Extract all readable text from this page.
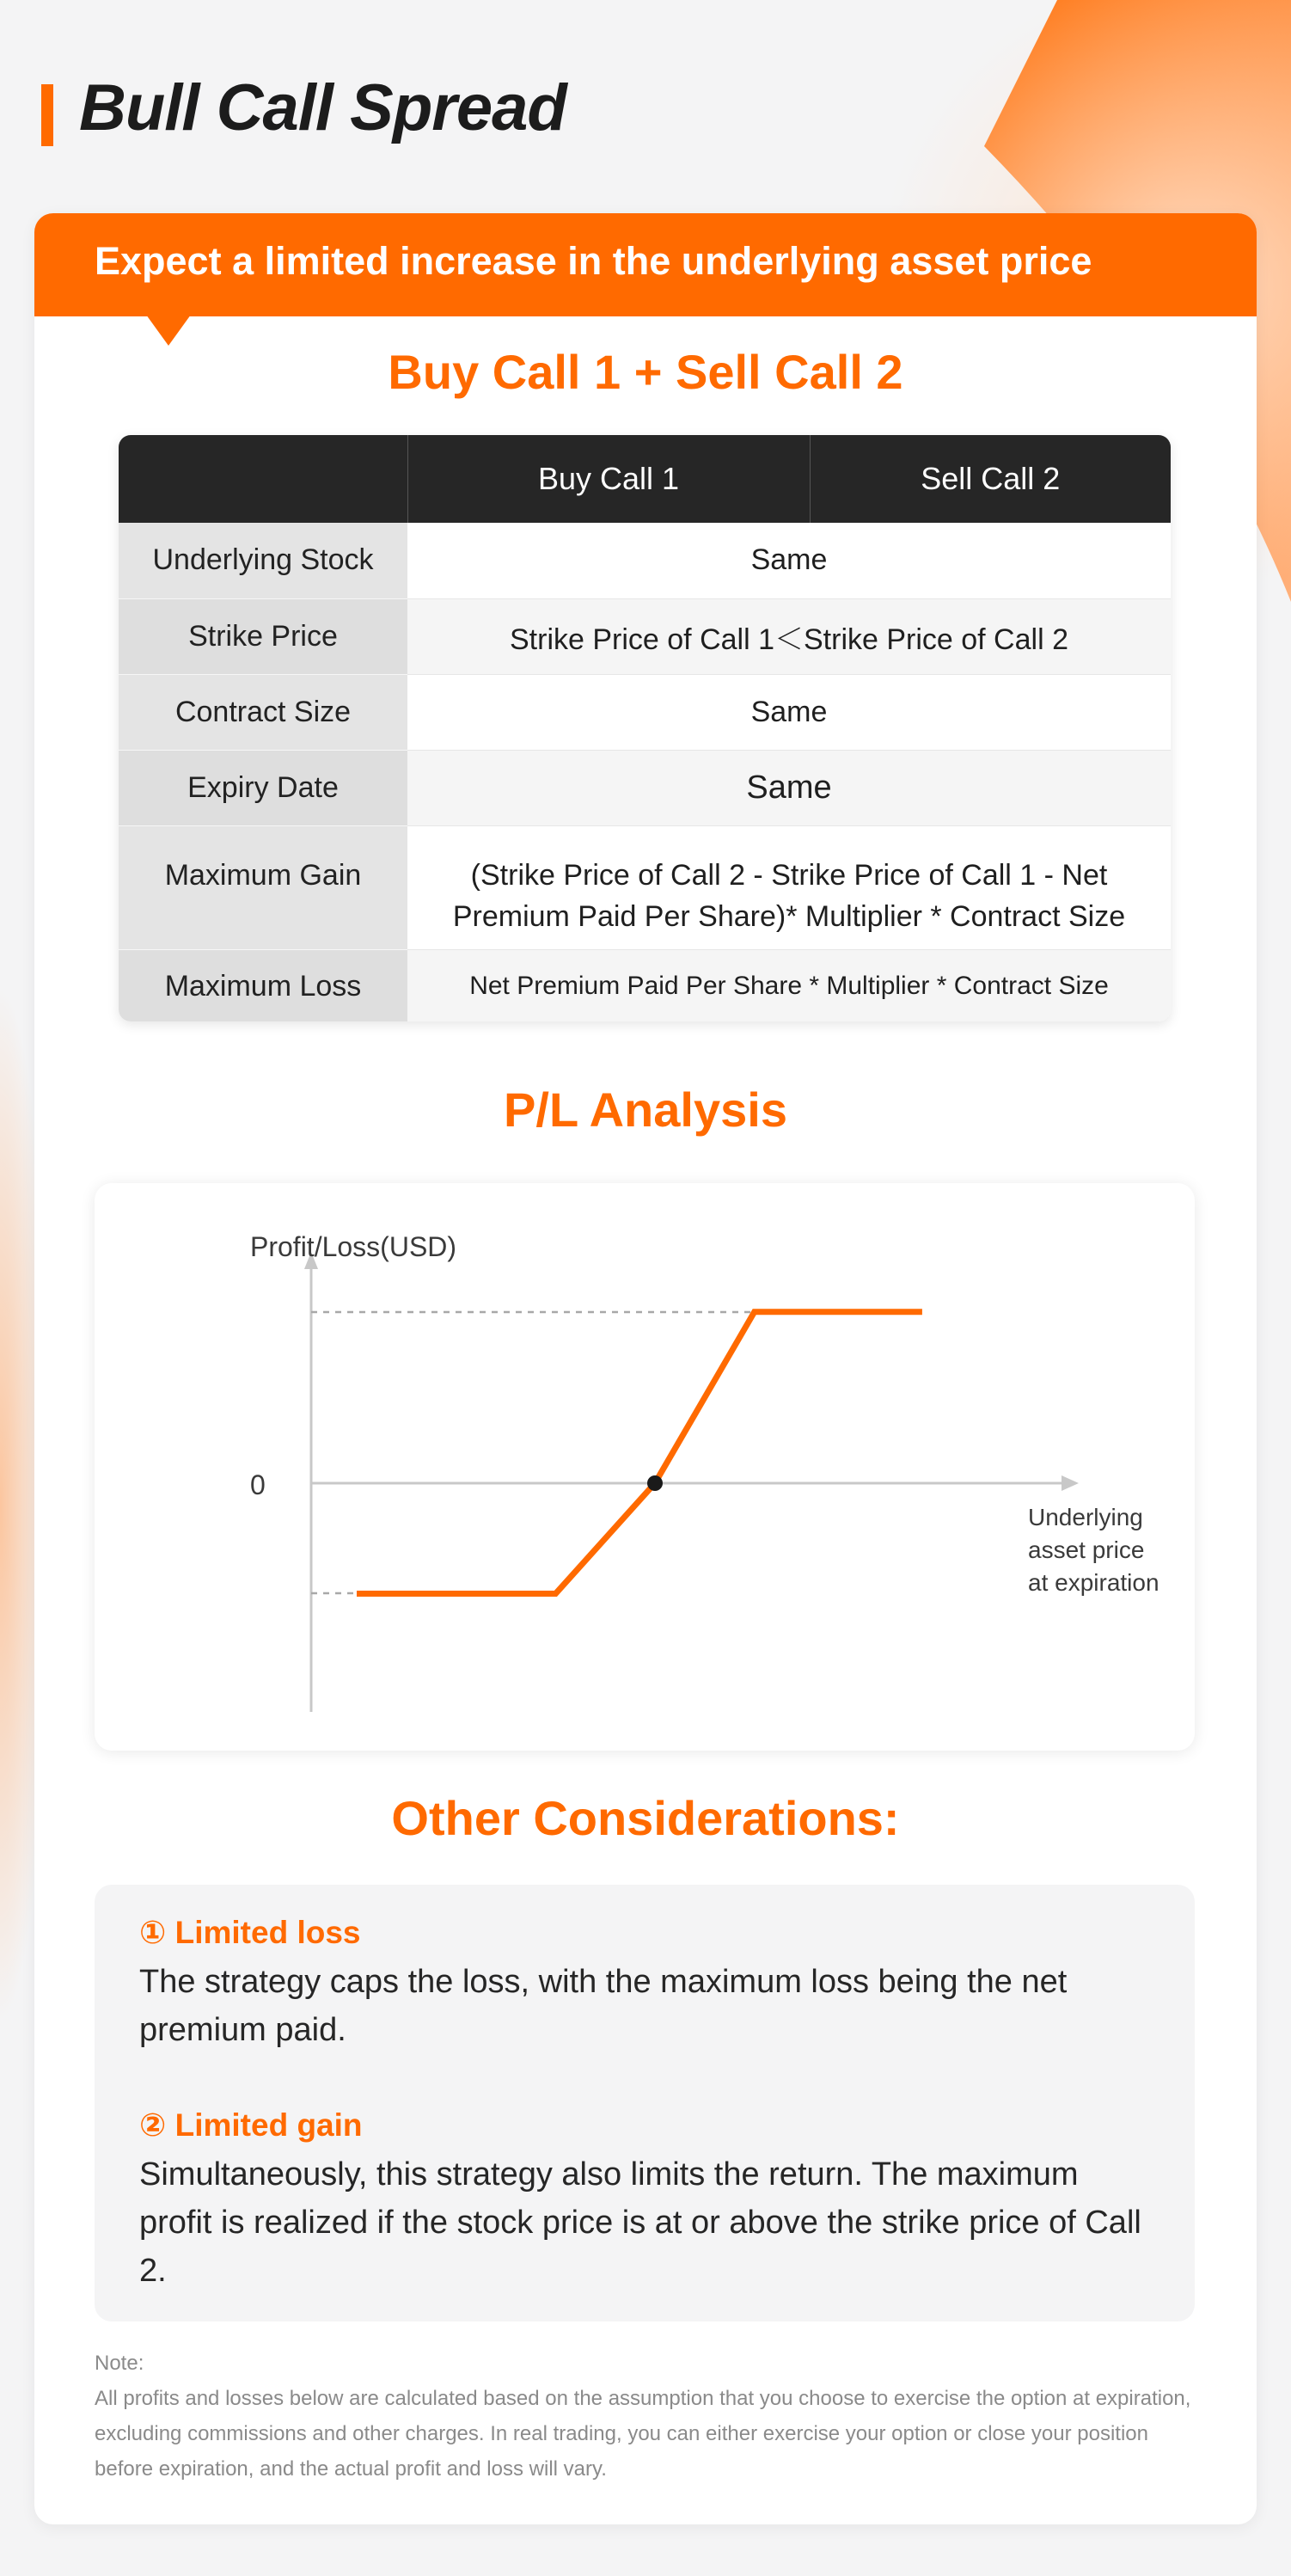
Bull Call Spread
Expect a limited increase in the underlying asset price
Buy Call 1 + Sell Call 2
	Buy Call 1	Sell Call 2
Underlying Stock	Same	
Strike Price	Strike Price of Call 1＜Strike Price of Call 2	
Contract Size	Same	
Expiry Date	Same	
Maximum Gain	(Strike Price of Call 2 - Strike Price of Call 1 - Net Premium Paid Per Share)* Multiplier * Contract Size	
Maximum Loss	Net Premium Paid Per Share * Multiplier * Contract Size	
P/L Analysis
Profit/Loss(USD)
0
Underlying
asset price
at expiration
Other Considerations:

① Limited loss

The strategy caps the loss, with the maximum loss being the net premium paid.

② Limited gain

Simultaneously, this strategy also limits the return. The maximum profit is realized if the stock price is at or above the strike price of Call 2.

Note:

All profits and losses below are calculated based on the assumption that you choose to exercise the option at expiration, excluding commissions and other charges. In real trading, you can either exercise your option or close your position before expiration, and the actual profit and loss will vary.
